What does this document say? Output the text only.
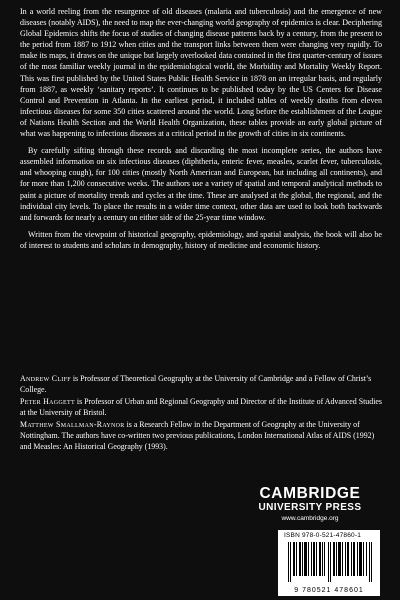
In a world reeling from the resurgence of old diseases (malaria and tuberculosis) and the emergence of new diseases (notably AIDS), the need to map the ever-changing world geography of epidemics is clear. Deciphering Global Epidemics shifts the focus of studies of changing disease patterns back by a century, from the present to the period from 1887 to 1912 when cities and the transport links between them were changing very rapidly. To make its maps, it draws on the unique but largely overlooked data contained in the first quarter-century of issues of the most familiar weekly journal in the epidemiological world, the Morbidity and Mortality Weekly Report. This was first published by the United States Public Health Service in 1878 on an irregular basis, and regularly from 1887, as weekly ‘sanitary reports’. It continues to be published today by the US Centers for Disease Control and Prevention in Atlanta. In the earliest period, it included tables of weekly deaths from eleven infectious diseases for some 350 cities scattered around the world. Long before the establishment of the League of Nations Health Section and the World Health Organization, these tables provide an early global picture of what was happening to infectious diseases at a critical period in the growth of cities in six continents.

By carefully sifting through these records and discarding the most incomplete series, the authors have assembled information on six infectious diseases (diphtheria, enteric fever, measles, scarlet fever, tuberculosis, and whooping cough), for 100 cities (mostly North American and European, but including all continents), and for more than 1,200 consecutive weeks. The authors use a variety of spatial and temporal analytical methods to paint a picture of mortality trends and cycles at the time. These are analysed at the global, the regional, and the individual city levels. To place the results in a wider time context, other data are used to look both backwards and forwards for nearly a century on either side of the 25-year time window.

Written from the viewpoint of historical geography, epidemiology, and spatial analysis, the book will also be of interest to students and scholars in demography, history of medicine and economic history.

Andrew Cliff is Professor of Theoretical Geography at the University of Cambridge and a Fellow of Christ’s College.

Peter Haggett is Professor of Urban and Regional Geography and Director of the Institute of Advanced Studies at the University of Bristol.

Matthew Smallman-Raynor is a Research Fellow in the Department of Geography at the University of Nottingham. The authors have co-written two previous publications, London International Atlas of AIDS (1992) and Measles: An Historical Geography (1993).

CAMBRIDGE
UNIVERSITY PRESS
www.cambridge.org
ISBN 978-0-521-47860-1
9 780521 478601
